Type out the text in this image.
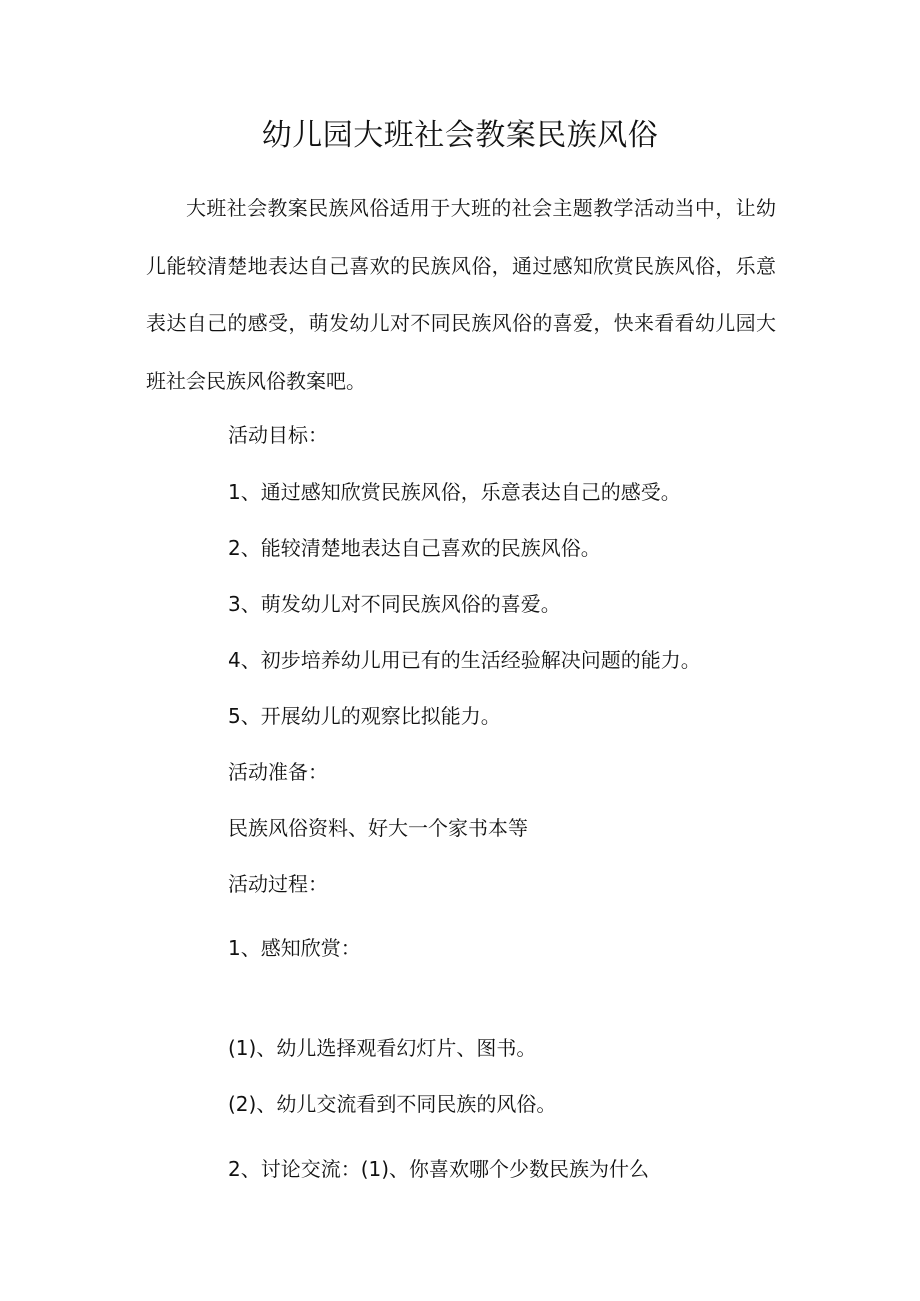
幼儿园大班社会教案民族风俗

大班社会教案民族风俗适用于大班的社会主题教学活动当中，让幼儿能较清楚地表达自己喜欢的民族风俗，通过感知欣赏民族风俗，乐意表达自己的感受，萌发幼儿对不同民族风俗的喜爱，快来看看幼儿园大班社会民族风俗教案吧。

活动目标：

1、通过感知欣赏民族风俗，乐意表达自己的感受。

2、能较清楚地表达自己喜欢的民族风俗。

3、萌发幼儿对不同民族风俗的喜爱。

4、初步培养幼儿用已有的生活经验解决问题的能力。

5、开展幼儿的观察比拟能力。

活动准备：

民族风俗资料、好大一个家书本等

活动过程：

1、感知欣赏：

(1)、幼儿选择观看幻灯片、图书。

(2)、幼儿交流看到不同民族的风俗。

2、讨论交流：(1)、你喜欢哪个少数民族为什么
